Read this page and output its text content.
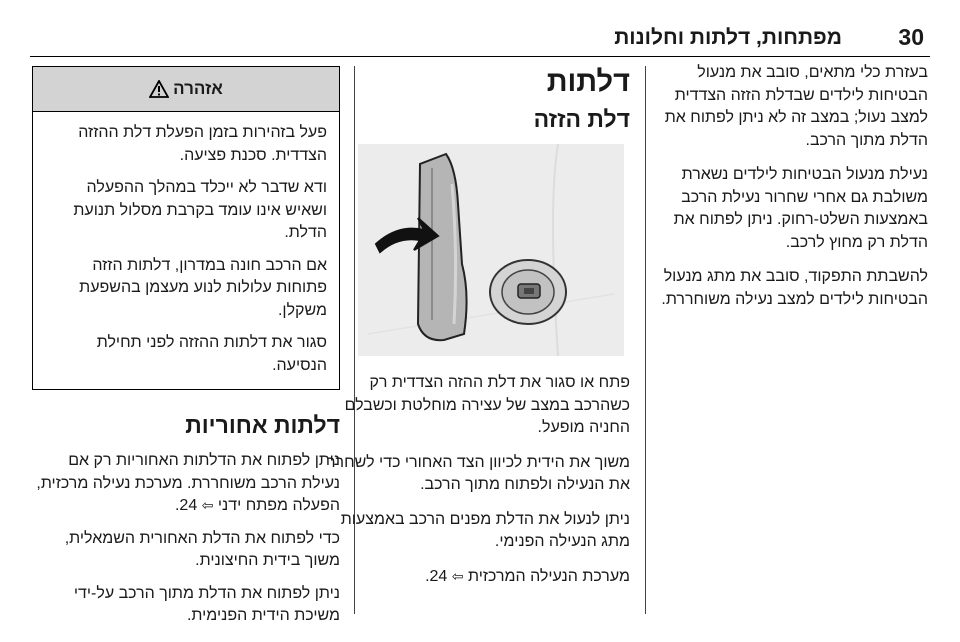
30
מפתחות, דלתות וחלונות

בעזרת כלי מתאים, סובב את מנעול הבטיחות לילדים שבדלת הזזה הצדדית למצב נעול; במצב זה לא ניתן לפתוח את הדלת מתוך הרכב.

נעילת מנעול הבטיחות לילדים נשארת משולבת גם אחרי שחרור נעילת הרכב באמצעות השלט-רחוק. ניתן לפתוח את הדלת רק מחוץ לרכב.

להשבתת התפקוד, סובב את מתג מנעול הבטיחות לילדים למצב נעילה משוחררת.

דלתות
דלת הזזה

פתח או סגור את דלת ההזה הצדדית רק כשהרכב במצב של עצירה מוחלטת וכשבלם החניה מופעל.

משוך את הידית לכיוון הצד האחורי כדי לשחרר את הנעילה ולפתוח מתוך הרכב.

ניתן לנעול את הדלת מפנים הרכב באמצעות מתג הנעילה הפנימי.

מערכת הנעילה המרכזית ⇦ 24.

אזהרה

פעל בזהירות בזמן הפעלת דלת ההזזה הצדדית. סכנת פציעה.

ודא שדבר לא ייכלד במהלך ההפעלה ושאיש אינו עומד בקרבת מסלול תנועת הדלת.

אם הרכב חונה במדרון, דלתות הזזה פתוחות עלולות לנוע מעצמן בהשפעת משקלן.

סגור את דלתות ההזזה לפני תחילת הנסיעה.

דלתות אחוריות

ניתן לפתוח את הדלתות האחוריות רק אם נעילת הרכב משוחררת. מערכת נעילה מרכזית, הפעלה מפתח ידני ⇦ 24.

כדי לפתוח את הדלת האחורית השמאלית, משוך בידית החיצונית.

ניתן לפתוח את הדלת מתוך הרכב על-ידי משיכת הידית הפנימית.
